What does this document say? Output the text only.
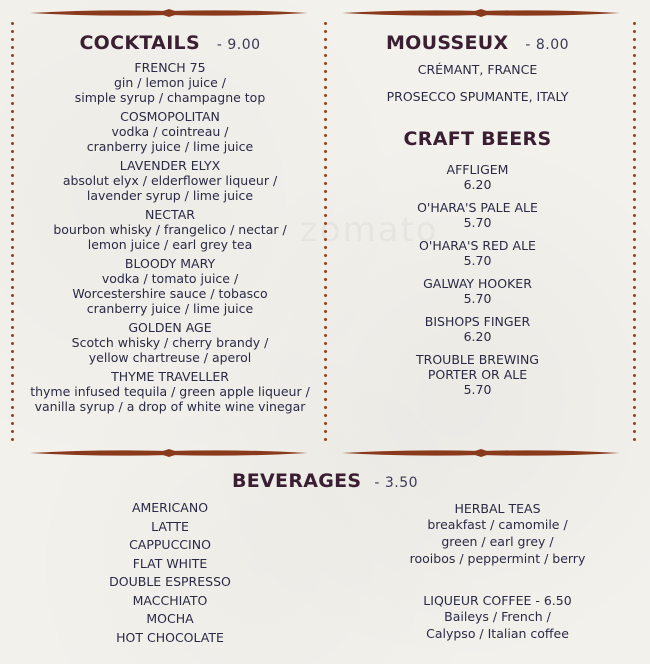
zomato
COCKTAILS - 9.00
FRENCH 75
gin / lemon juice /
simple syrup / champagne top
COSMOPOLITAN
vodka / cointreau /
cranberry juice / lime juice
LAVENDER ELYX
absolut elyx / elderflower liqueur /
lavender syrup / lime juice
NECTAR
bourbon whisky / frangelico / nectar /
lemon juice / earl grey tea
BLOODY MARY
vodka / tomato juice /
Worcestershire sauce / tobasco
cranberry juice / lime juice
GOLDEN AGE
Scotch whisky / cherry brandy /
yellow chartreuse / aperol
THYME TRAVELLER
thyme infused tequila / green apple liqueur /
vanilla syrup / a drop of white wine vinegar
MOUSSEUX - 8.00
CRÉMANT, FRANCE
PROSECCO SPUMANTE, ITALY
CRAFT BEERS
AFFLIGEM
6.20
O'HARA'S PALE ALE
5.70
O'HARA'S RED ALE
5.70
GALWAY HOOKER
5.70
BISHOPS FINGER
6.20
TROUBLE BREWING
PORTER OR ALE
5.70
BEVERAGES - 3.50
AMERICANO
LATTE
CAPPUCCINO
FLAT WHITE
DOUBLE ESPRESSO
MACCHIATO
MOCHA
HOT CHOCOLATE
HERBAL TEAS
breakfast / camomile /
green / earl grey /
rooibos / peppermint / berry
LIQUEUR COFFEE - 6.50
Baileys / French /
Calypso / Italian coffee
